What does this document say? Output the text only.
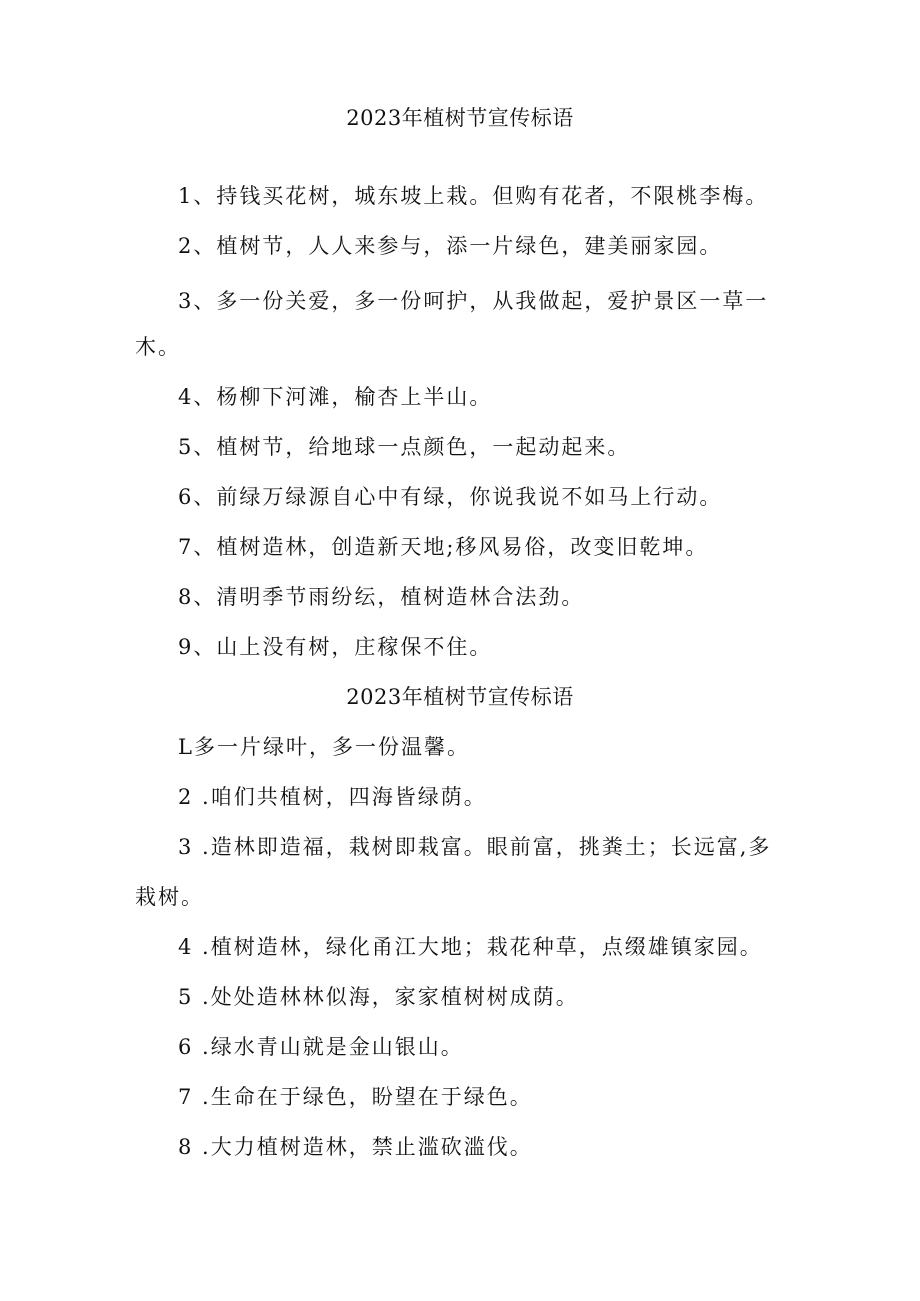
2023年植树节宣传标语
1、持钱买花树，城东坡上栽。但购有花者，不限桃李梅。
2、植树节，人人来参与，添一片绿色，建美丽家园。
3、多一份关爱，多一份呵护，从我做起，爱护景区一草一
木。
4、杨柳下河滩，榆杏上半山。
5、植树节，给地球一点颜色，一起动起来。
6、前绿万绿源自心中有绿，你说我说不如马上行动。
7、植树造林，创造新天地;移风易俗，改变旧乾坤。
8、清明季节雨纷纭，植树造林合法劲。
9、山上没有树，庄稼保不住。
2023年植树节宣传标语
L多一片绿叶，多一份温馨。
2 .咱们共植树，四海皆绿荫。
3 .造林即造福，栽树即栽富。眼前富，挑粪土；长远富,多
栽树。
4 .植树造林，绿化甬江大地；栽花种草，点缀雄镇家园。
5 .处处造林林似海，家家植树树成荫。
6 .绿水青山就是金山银山。
7 .生命在于绿色，盼望在于绿色。
8 .大力植树造林，禁止滥砍滥伐。
